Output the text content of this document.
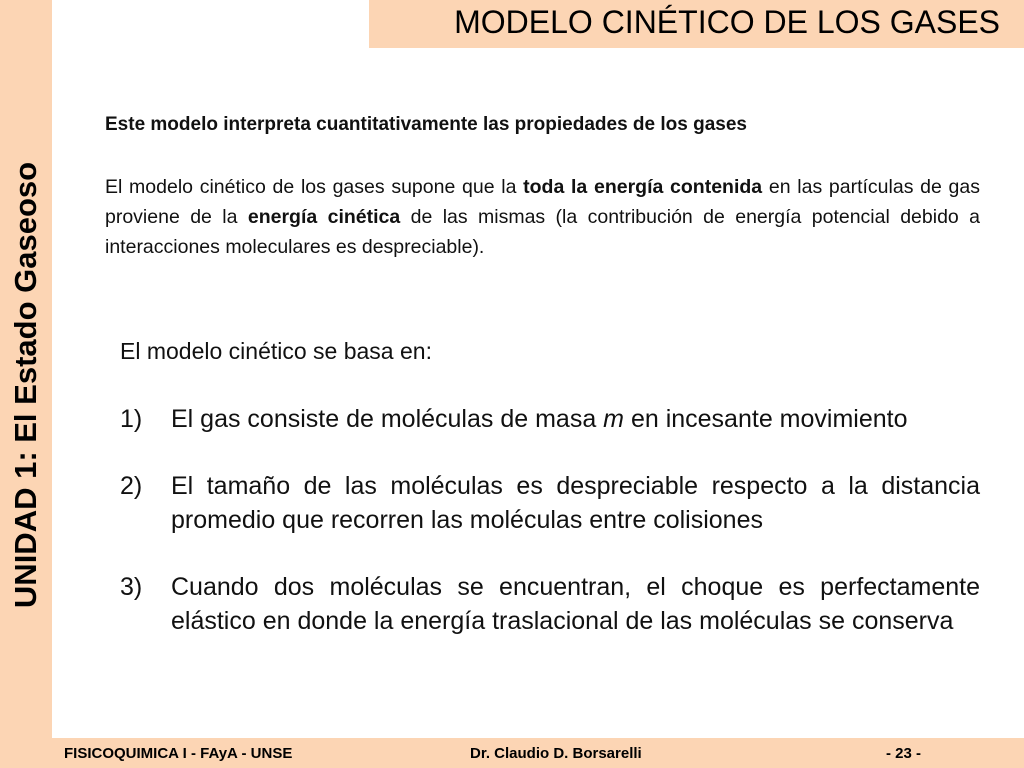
UNIDAD 1: El Estado Gaseoso
MODELO CINÉTICO DE LOS GASES
Este modelo interpreta cuantitativamente las propiedades de los gases
El modelo cinético de los gases supone que la toda la energía contenida en las partículas de gas proviene de la energía cinética de las mismas (la contribución de energía potencial debido a interacciones moleculares es despreciable).
El modelo cinético se basa en:
1) El gas consiste de moléculas de masa m en incesante movimiento
2) El tamaño de las moléculas es despreciable respecto a la distancia promedio que recorren las moléculas entre colisiones
3) Cuando dos moléculas se encuentran, el choque es perfectamente elástico en donde la energía traslacional de las moléculas se conserva
FISICOQUIMICA I - FAyA - UNSE	Dr. Claudio D. Borsarelli	- 23 -
